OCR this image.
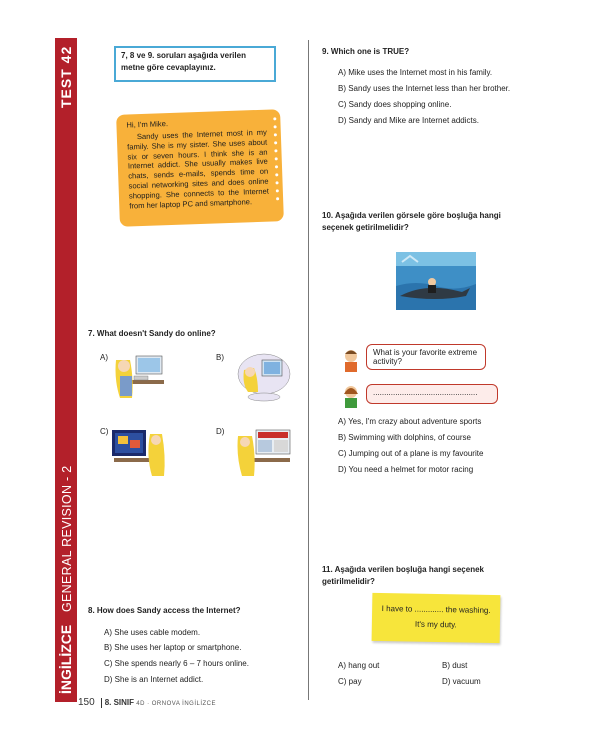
TEST 42
GENERAL REVISION - 2
İNGİLİZCE
7, 8 ve 9. soruları aşağıda verilen metne göre cevaplayınız.

Hi, I'm Mike.

Sandy uses the Internet most in my family. She is my sister. She uses about six or seven hours. I think she is an Internet addict. She usually makes live chats, sends e-mails, spends time on social networking sites and does online shopping. She connects to the Internet from her laptop PC and smartphone.

7. What doesn't Sandy do online?
A)	B)
C)	D)
8. How does Sandy access the Internet?
A) She uses cable modem.
B) She uses her laptop or smartphone.
C) She spends nearly 6 – 7 hours online.
D) She is an Internet addict.
9. Which one is TRUE?
A) Mike uses the Internet most in his family.
B) Sandy uses the Internet less than her brother.
C) Sandy does shopping online.
D) Sandy and Mike are Internet addicts.
10. Aşağıda verilen görsele göre boşluğa hangi seçenek getirilmelidir?
What is your favorite extreme activity?
...............................................
A) Yes, I'm crazy about adventure sports
B) Swimming with dolphins, of course
C) Jumping out of a plane is my favourite
D) You need a helmet for motor racing
11. Aşağıda verilen boşluğa hangi seçenek getirilmelidir?
I have to ............. the washing.
It's my duty.
A) hang out	B) dust
C) pay	D) vacuum
150 8. SINIF 4D · ORNOVA İNGİLİZCE
